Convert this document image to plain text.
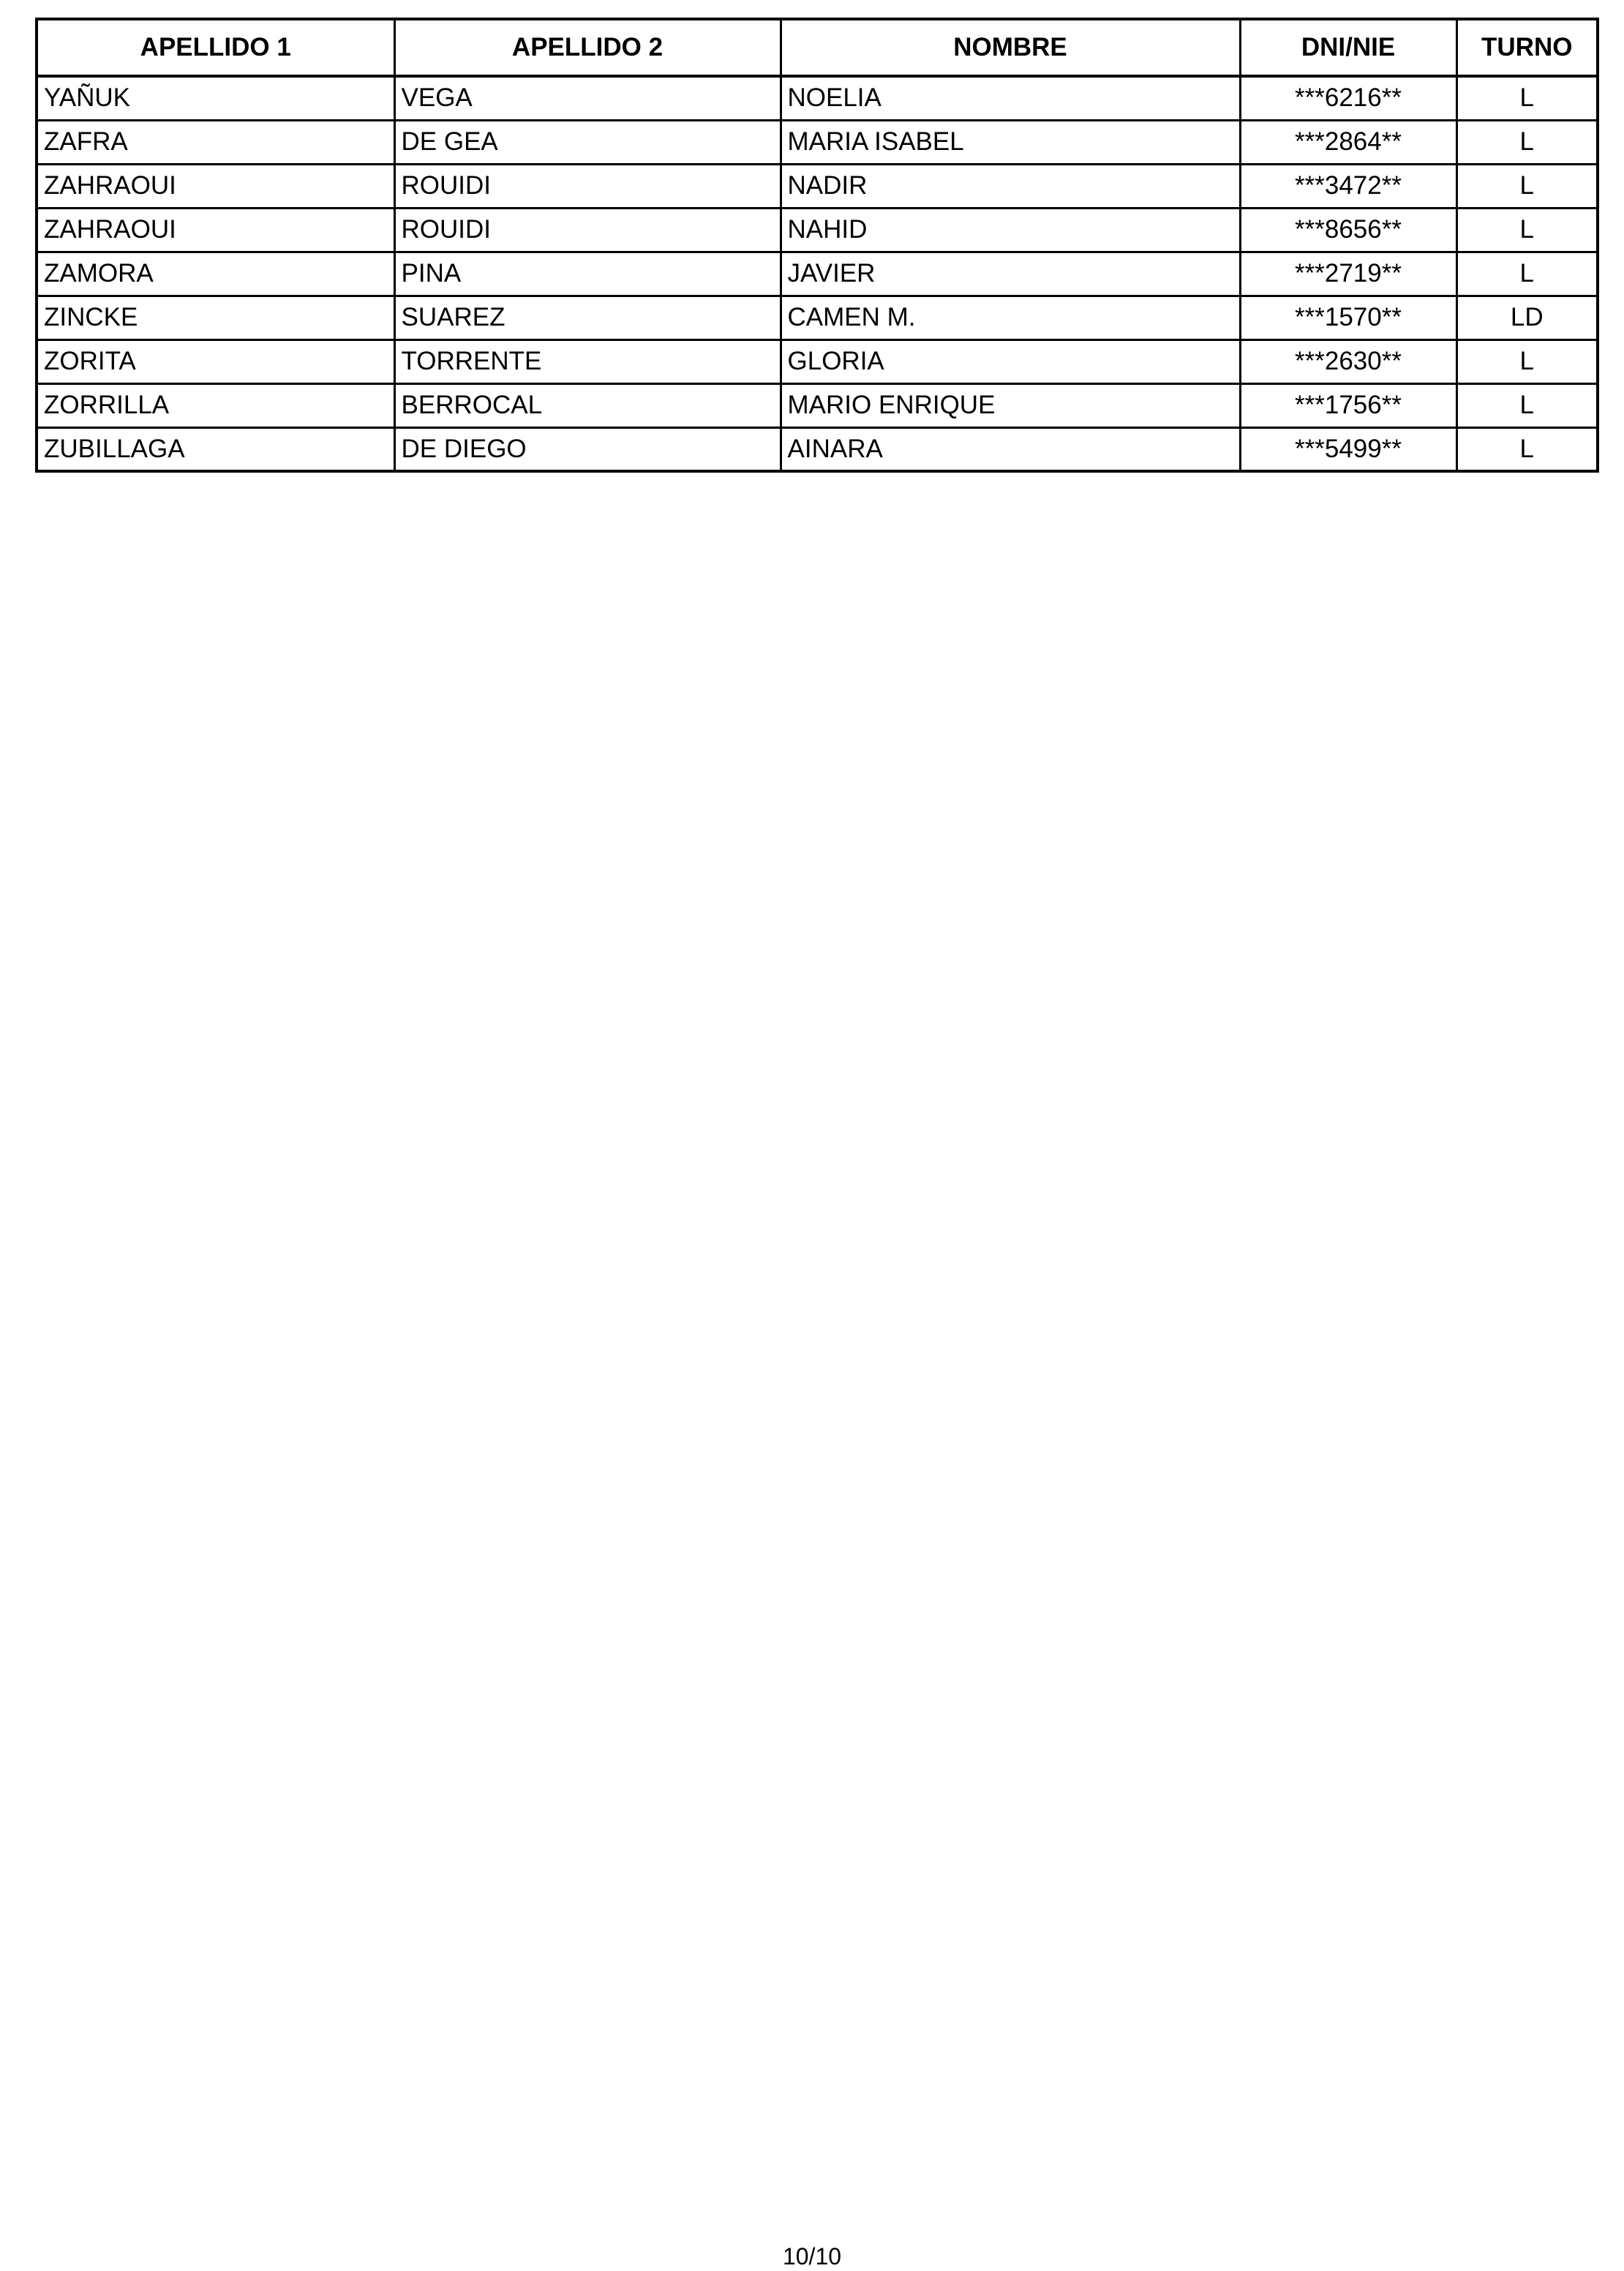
APELLIDO 1	APELLIDO 2	NOMBRE	DNI/NIE	TURNO
YAÑUK	VEGA	NOELIA	***6216**	L
ZAFRA	DE GEA	MARIA ISABEL	***2864**	L
ZAHRAOUI	ROUIDI	NADIR	***3472**	L
ZAHRAOUI	ROUIDI	NAHID	***8656**	L
ZAMORA	PINA	JAVIER	***2719**	L
ZINCKE	SUAREZ	CAMEN M.	***1570**	LD
ZORITA	TORRENTE	GLORIA	***2630**	L
ZORRILLA	BERROCAL	MARIO ENRIQUE	***1756**	L
ZUBILLAGA	DE DIEGO	AINARA	***5499**	L
10/10
